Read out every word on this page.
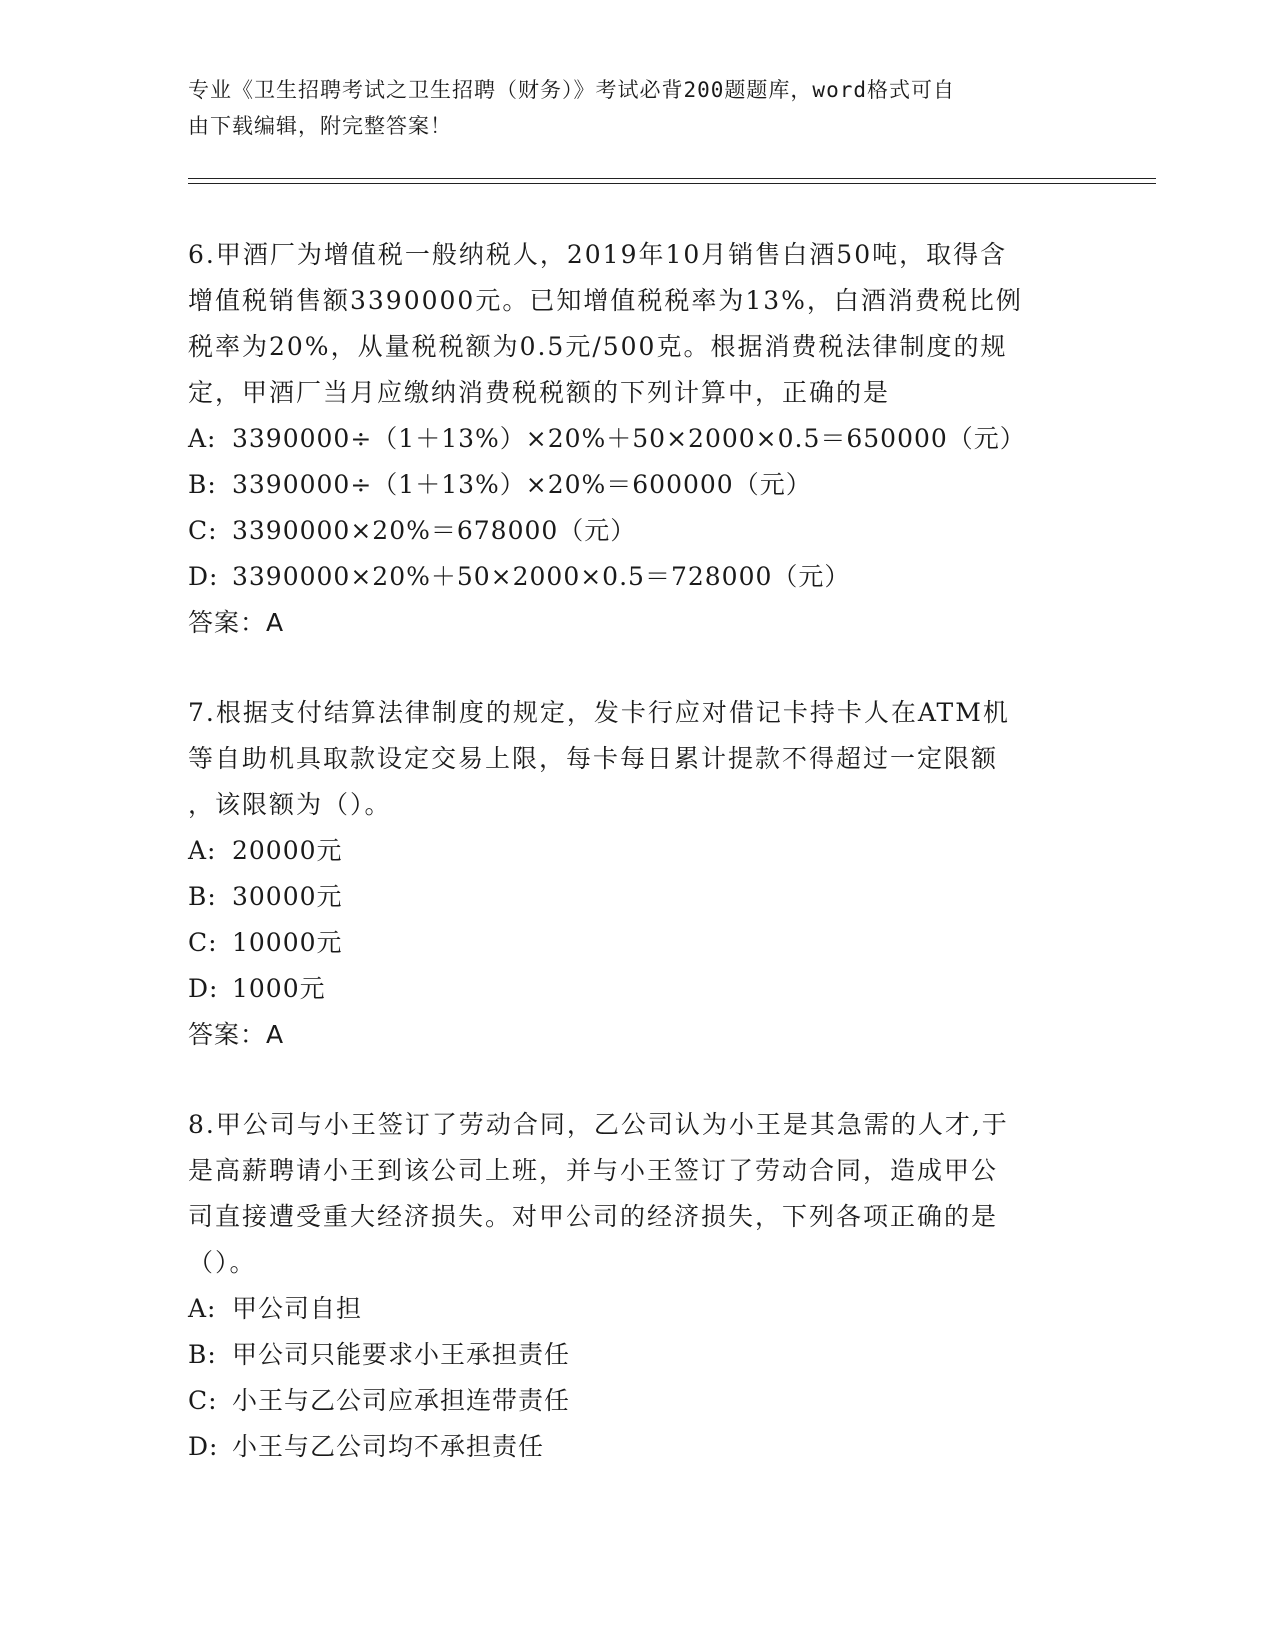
专业《卫生招聘考试之卫生招聘（财务）》考试必背200题题库，word格式可自
由下载编辑，附完整答案！

6.甲酒厂为增值税一般纳税人，2019年10月销售白酒50吨，取得含
增值税销售额3390000元。已知增值税税率为13%，白酒消费税比例
税率为20%，从量税税额为0.5元/500克。根据消费税法律制度的规
定，甲酒厂当月应缴纳消费税税额的下列计算中，正确的是

A: 3390000÷（1＋13%）×20%＋50×2000×0.5＝650000（元）

B: 3390000÷（1＋13%）×20%＝600000（元）

C: 3390000×20%＝678000（元）

D: 3390000×20%＋50×2000×0.5＝728000（元）

答案：A

7.根据支付结算法律制度的规定，发卡行应对借记卡持卡人在ATM机
等自助机具取款设定交易上限，每卡每日累计提款不得超过一定限额
，该限额为（）。

A: 20000元

B: 30000元

C: 10000元

D: 1000元

答案：A

8.甲公司与小王签订了劳动合同，乙公司认为小王是其急需的人才,于
是高薪聘请小王到该公司上班，并与小王签订了劳动合同，造成甲公
司直接遭受重大经济损失。对甲公司的经济损失，下列各项正确的是
（）。

A: 甲公司自担

B: 甲公司只能要求小王承担责任

C: 小王与乙公司应承担连带责任

D: 小王与乙公司均不承担责任
